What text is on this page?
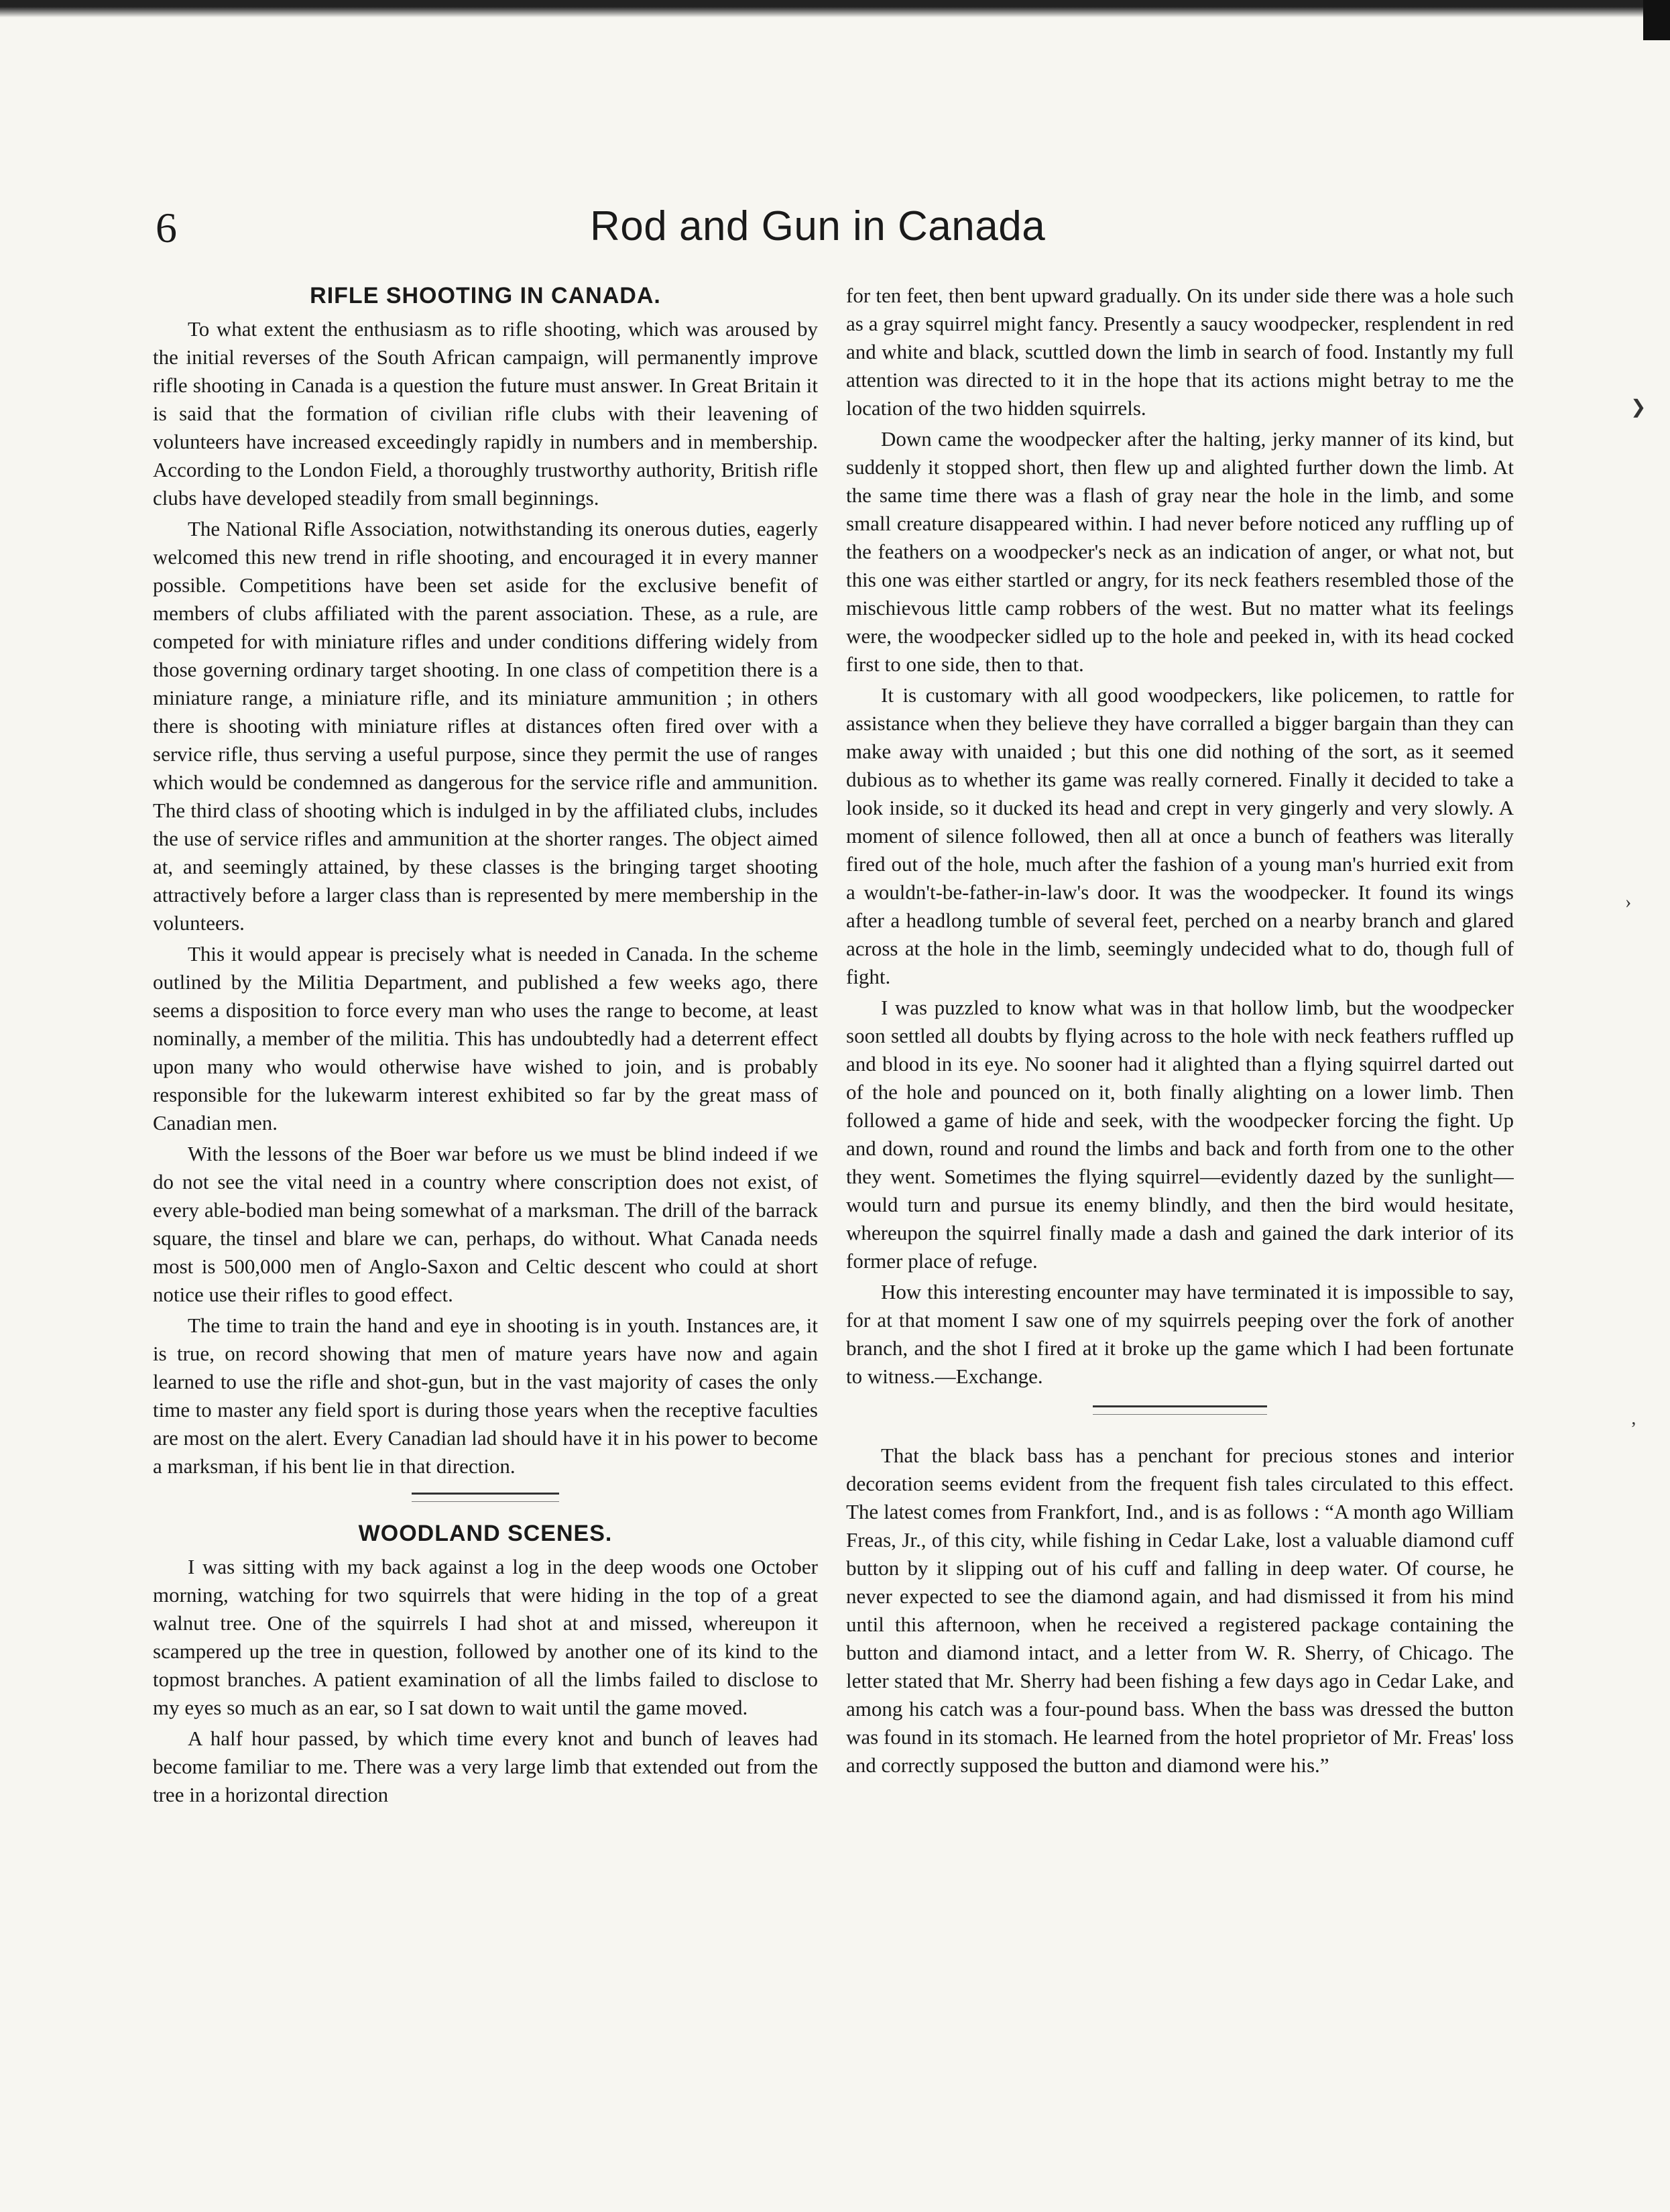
6	Rod and Gun in Canada
RIFLE SHOOTING IN CANADA.

To what extent the enthusiasm as to rifle shooting, which was aroused by the initial reverses of the South African campaign, will permanently improve rifle shooting in Canada is a question the future must answer. In Great Britain it is said that the formation of civilian rifle clubs with their leavening of volunteers have increased exceedingly rapidly in numbers and in membership. According to the London Field, a thoroughly trustworthy authority, British rifle clubs have developed steadily from small beginnings.

The National Rifle Association, notwithstanding its onerous duties, eagerly welcomed this new trend in rifle shooting, and encouraged it in every manner possible. Competitions have been set aside for the exclusive benefit of members of clubs affiliated with the parent association. These, as a rule, are competed for with miniature rifles and under conditions differing widely from those governing ordinary target shooting. In one class of competition there is a miniature range, a miniature rifle, and its miniature ammunition ; in others there is shooting with miniature rifles at distances often fired over with a service rifle, thus serving a useful purpose, since they permit the use of ranges which would be condemned as dangerous for the service rifle and ammunition. The third class of shooting which is indulged in by the affiliated clubs, includes the use of service rifles and ammunition at the shorter ranges. The object aimed at, and seemingly attained, by these classes is the bringing target shooting attractively before a larger class than is represented by mere membership in the volunteers.

This it would appear is precisely what is needed in Canada. In the scheme outlined by the Militia Department, and published a few weeks ago, there seems a disposition to force every man who uses the range to become, at least nominally, a member of the militia. This has undoubtedly had a deterrent effect upon many who would otherwise have wished to join, and is probably responsible for the lukewarm interest exhibited so far by the great mass of Canadian men.

With the lessons of the Boer war before us we must be blind indeed if we do not see the vital need in a country where conscription does not exist, of every able-bodied man being somewhat of a marksman. The drill of the barrack square, the tinsel and blare we can, perhaps, do without. What Canada needs most is 500,000 men of Anglo-Saxon and Celtic descent who could at short notice use their rifles to good effect.

The time to train the hand and eye in shooting is in youth. Instances are, it is true, on record showing that men of mature years have now and again learned to use the rifle and shot-gun, but in the vast majority of cases the only time to master any field sport is during those years when the receptive faculties are most on the alert. Every Canadian lad should have it in his power to become a marksman, if his bent lie in that direction.

WOODLAND SCENES.

I was sitting with my back against a log in the deep woods one October morning, watching for two squirrels that were hiding in the top of a great walnut tree. One of the squirrels I had shot at and missed, whereupon it scampered up the tree in question, followed by another one of its kind to the topmost branches. A patient examination of all the limbs failed to disclose to my eyes so much as an ear, so I sat down to wait until the game moved.

A half hour passed, by which time every knot and bunch of leaves had become familiar to me. There was a very large limb that extended out from the tree in a horizontal direction

for ten feet, then bent upward gradually. On its under side there was a hole such as a gray squirrel might fancy. Presently a saucy woodpecker, resplendent in red and white and black, scuttled down the limb in search of food. Instantly my full attention was directed to it in the hope that its actions might betray to me the location of the two hidden squirrels.

Down came the woodpecker after the halting, jerky manner of its kind, but suddenly it stopped short, then flew up and alighted further down the limb. At the same time there was a flash of gray near the hole in the limb, and some small creature disappeared within. I had never before noticed any ruffling up of the feathers on a woodpecker's neck as an indication of anger, or what not, but this one was either startled or angry, for its neck feathers resembled those of the mischievous little camp robbers of the west. But no matter what its feelings were, the woodpecker sidled up to the hole and peeked in, with its head cocked first to one side, then to that.

It is customary with all good woodpeckers, like policemen, to rattle for assistance when they believe they have corralled a bigger bargain than they can make away with unaided ; but this one did nothing of the sort, as it seemed dubious as to whether its game was really cornered. Finally it decided to take a look inside, so it ducked its head and crept in very gingerly and very slowly. A moment of silence followed, then all at once a bunch of feathers was literally fired out of the hole, much after the fashion of a young man's hurried exit from a wouldn't-be-father-in-law's door. It was the woodpecker. It found its wings after a headlong tumble of several feet, perched on a nearby branch and glared across at the hole in the limb, seemingly undecided what to do, though full of fight.

I was puzzled to know what was in that hollow limb, but the woodpecker soon settled all doubts by flying across to the hole with neck feathers ruffled up and blood in its eye. No sooner had it alighted than a flying squirrel darted out of the hole and pounced on it, both finally alighting on a lower limb. Then followed a game of hide and seek, with the woodpecker forcing the fight. Up and down, round and round the limbs and back and forth from one to the other they went. Sometimes the flying squirrel—evidently dazed by the sunlight—would turn and pursue its enemy blindly, and then the bird would hesitate, whereupon the squirrel finally made a dash and gained the dark interior of its former place of refuge.

How this interesting encounter may have terminated it is impossible to say, for at that moment I saw one of my squirrels peeping over the fork of another branch, and the shot I fired at it broke up the game which I had been fortunate to witness.—Exchange.

That the black bass has a penchant for precious stones and interior decoration seems evident from the frequent fish tales circulated to this effect. The latest comes from Frankfort, Ind., and is as follows : “A month ago William Freas, Jr., of this city, while fishing in Cedar Lake, lost a valuable diamond cuff button by it slipping out of his cuff and falling in deep water. Of course, he never expected to see the diamond again, and had dismissed it from his mind until this afternoon, when he received a registered package containing the button and diamond intact, and a letter from W. R. Sherry, of Chicago. The letter stated that Mr. Sherry had been fishing a few days ago in Cedar Lake, and among his catch was a four-pound bass. When the bass was dressed the button was found in its stomach. He learned from the hotel proprietor of Mr. Freas' loss and correctly supposed the button and diamond were his.”

❯
›
‚
